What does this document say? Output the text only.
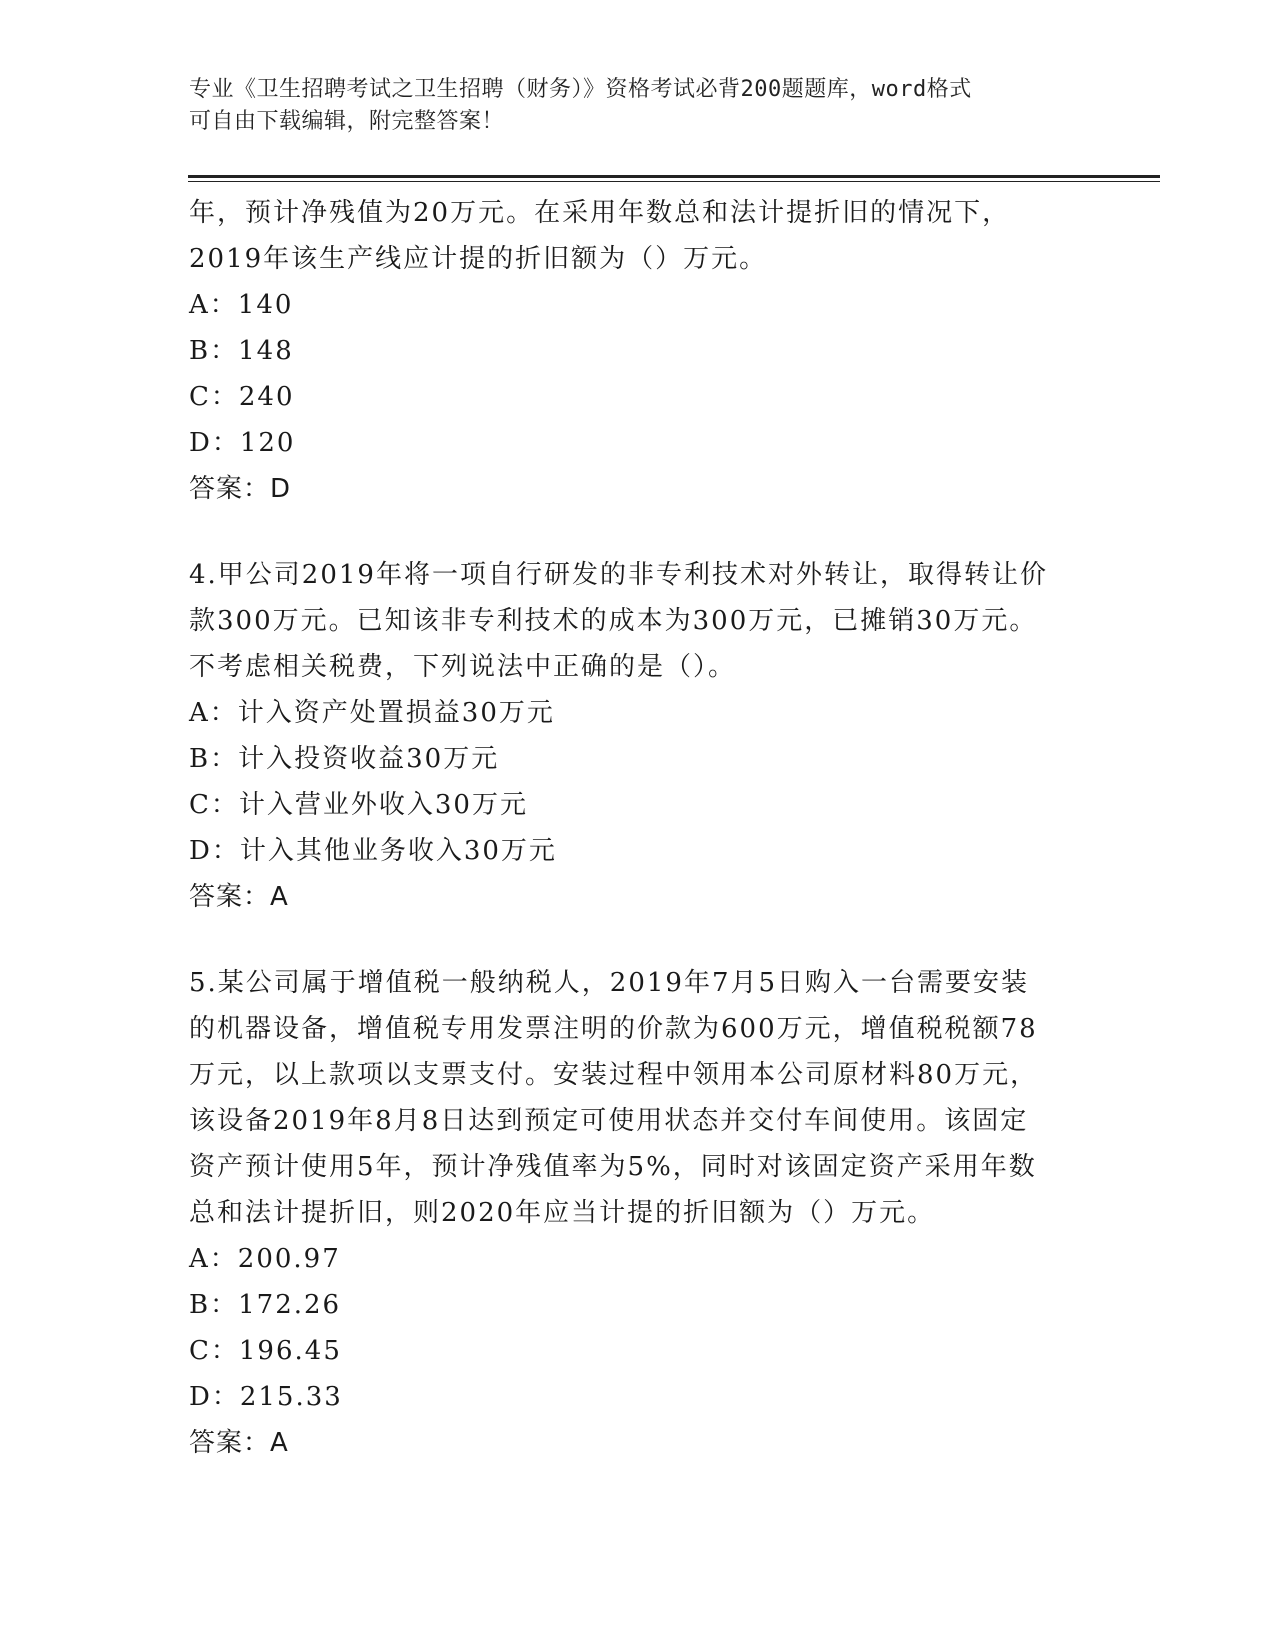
专业《卫生招聘考试之卫生招聘（财务）》资格考试必背200题题库，word格式
可自由下载编辑，附完整答案！
年，预计净残值为20万元。在采用年数总和法计提折旧的情况下，
2019年该生产线应计提的折旧额为（）万元。
A：140
B：148
C：240
D：120
答案：D
4.甲公司2019年将一项自行研发的非专利技术对外转让，取得转让价
款300万元。已知该非专利技术的成本为300万元，已摊销30万元。
不考虑相关税费，下列说法中正确的是（）。
A：计入资产处置损益30万元
B：计入投资收益30万元
C：计入营业外收入30万元
D：计入其他业务收入30万元
答案：A
5.某公司属于增值税一般纳税人，2019年7月5日购入一台需要安装
的机器设备，增值税专用发票注明的价款为600万元，增值税税额78
万元，以上款项以支票支付。安装过程中领用本公司原材料80万元，
该设备2019年8月8日达到预定可使用状态并交付车间使用。该固定
资产预计使用5年，预计净残值率为5%，同时对该固定资产采用年数
总和法计提折旧，则2020年应当计提的折旧额为（）万元。
A：200.97
B：172.26
C：196.45
D：215.33
答案：A
